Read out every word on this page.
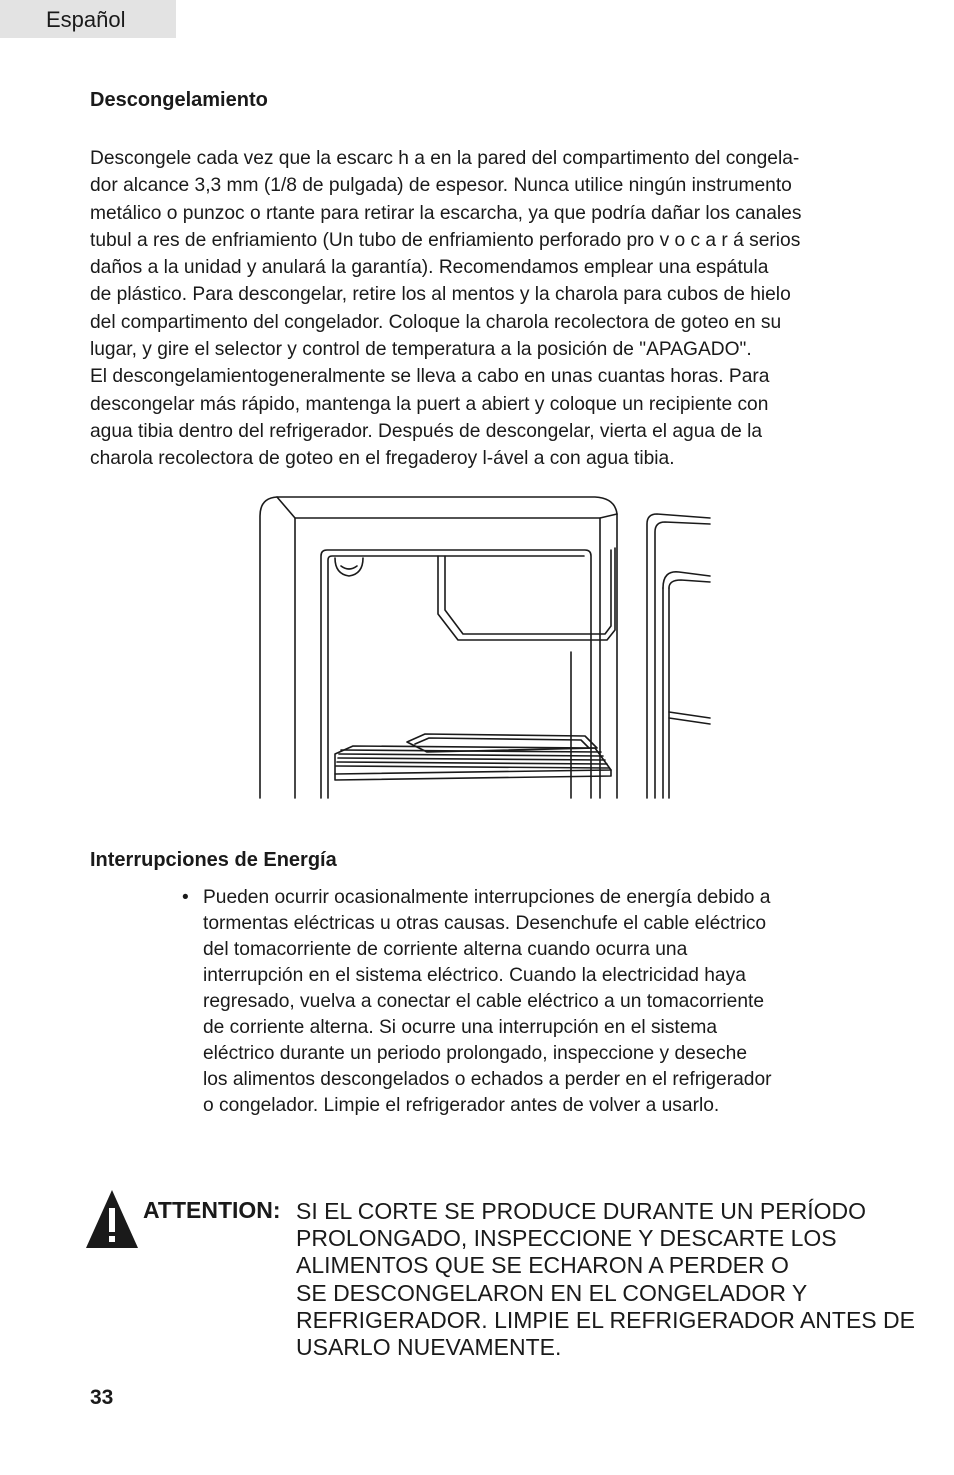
Español
Descongelamiento
Descongele cada vez que la escarc h a en la pared del compartimento del congela-
dor alcance 3,3 mm (1/8 de pulgada) de espesor. Nunca utilice ningún instrumento
metálico o punzoc o rtante para retirar la escarcha, ya que podría dañar los canales
tubul a res de enfriamiento (Un tubo de enfriamiento perforado pro v o c a r á serios
daños a la unidad y anulará la garantía). Recomendamos emplear una espátula
de plástico. Para descongelar, retire los al mentos y la charola para cubos de hielo
del compartimento del congelador. Coloque la charola recolectora de goteo en su
lugar, y gire el selector y control de temperatura a la posición de "APAGADO".
El descongelamientogeneralmente se lleva a cabo en unas cuantas horas. Para
descongelar más rápido, mantenga la puert a abiert y coloque un recipiente con
agua tibia dentro del refrigerador. Después de descongelar, vierta el agua de la
charola recolectora de goteo en el fregaderoy l-ável a con agua tibia.
Interrupciones de Energía
• Pueden ocurrir ocasionalmente interrupciones de energía debido a
tormentas eléctricas u otras causas. Desenchufe el cable eléctrico
del tomacorriente de corriente alterna cuando ocurra una
interrupción en el sistema eléctrico. Cuando la electricidad haya
regresado, vuelva a conectar el cable eléctrico a un tomacorriente
de corriente alterna. Si ocurre una interrupción en el sistema
eléctrico durante un periodo prolongado, inspeccione y deseche
los alimentos descongelados o echados a perder en el refrigerador
o congelador. Limpie el refrigerador antes de volver a usarlo.
ATTENTION: SI EL CORTE SE PRODUCE DURANTE UN PERÍODO
PROLONGADO, INSPECCIONE Y DESCARTE LOS
ALIMENTOS QUE SE ECHARON A PERDER O
SE DESCONGELARON EN EL CONGELADOR Y
REFRIGERADOR. LIMPIE EL REFRIGERADOR ANTES DE
USARLO NUEVAMENTE.
33
